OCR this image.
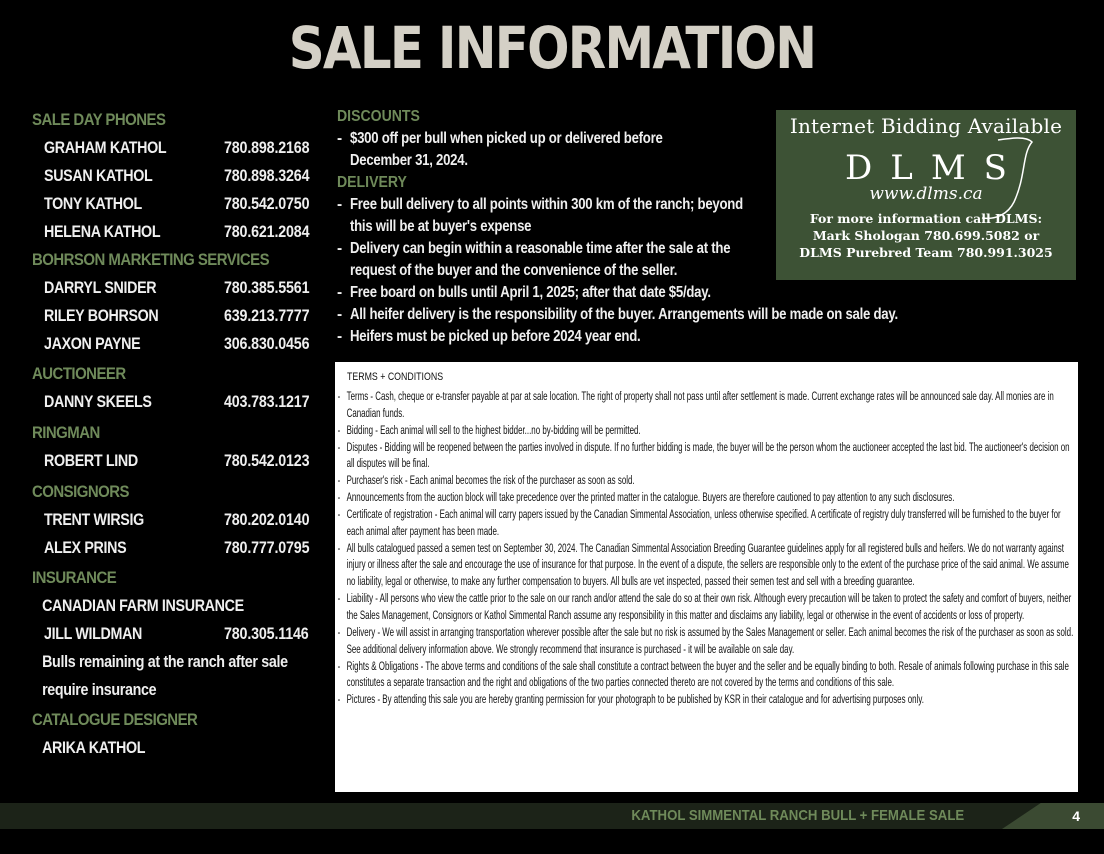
SALE INFORMATION
SALE DAY PHONES
GRAHAM KATHOL	780.898.2168
SUSAN KATHOL	780.898.3264
TONY KATHOL	780.542.0750
HELENA KATHOL	780.621.2084
BOHRSON MARKETING SERVICES
DARRYL SNIDER	780.385.5561
RILEY BOHRSON	639.213.7777
JAXON PAYNE	306.830.0456
AUCTIONEER
DANNY SKEELS	403.783.1217
RINGMAN
ROBERT LIND	780.542.0123
CONSIGNORS
TRENT WIRSIG	780.202.0140
ALEX PRINS	780.777.0795
INSURANCE
CANADIAN FARM INSURANCE
JILL WILDMAN	780.305.1146
Bulls remaining at the ranch after sale
require insurance
CATALOGUE DESIGNER
ARIKA KATHOL
DISCOUNTS
- $300 off per bull when picked up or delivered before
December 31, 2024.
DELIVERY
- Free bull delivery to all points within 300 km of the ranch; beyond
this will be at buyer's expense
- Delivery can begin within a reasonable time after the sale at the
request of the buyer and the convenience of the seller.
- Free board on bulls until April 1, 2025; after that date $5/day.
- All heifer delivery is the responsibility of the buyer. Arrangements will be made on sale day.
- Heifers must be picked up before 2024 year end.
Internet Bidding Available
DLMS
www.dlms.ca
For more information call DLMS:
Mark Shologan 780.699.5082 or
DLMS Purebred Team 780.991.3025
TERMS + CONDITIONS
- Terms - Cash, cheque or e-transfer payable at par at sale location. The right of property shall not pass until after settlement is made. Current exchange rates will be announced sale day. All monies are in Canadian funds.
- Bidding - Each animal will sell to the highest bidder...no by-bidding will be permitted.
- Disputes - Bidding will be reopened between the parties involved in dispute. If no further bidding is made, the buyer will be the person whom the auctioneer accepted the last bid. The auctioneer's decision on all disputes will be final.
- Purchaser's risk - Each animal becomes the risk of the purchaser as soon as sold.
- Announcements from the auction block will take precedence over the printed matter in the catalogue. Buyers are therefore cautioned to pay attention to any such disclosures.
- Certificate of registration - Each animal will carry papers issued by the Canadian Simmental Association, unless otherwise specified. A certificate of registry duly transferred will be furnished to the buyer for each animal after payment has been made.
- All bulls catalogued passed a semen test on September 30, 2024. The Canadian Simmental Association Breeding Guarantee guidelines apply for all registered bulls and heifers. We do not warranty against injury or illness after the sale and encourage the use of insurance for that purpose. In the event of a dispute, the sellers are responsible only to the extent of the purchase price of the said animal. We assume no liability, legal or otherwise, to make any further compensation to buyers. All bulls are vet inspected, passed their semen test and sell with a breeding guarantee.
- Liability - All persons who view the cattle prior to the sale on our ranch and/or attend the sale do so at their own risk. Although every precaution will be taken to protect the safety and comfort of buyers, neither the Sales Management, Consignors or Kathol Simmental Ranch assume any responsibility in this matter and disclaims any liability, legal or otherwise in the event of accidents or loss of property.
- Delivery - We will assist in arranging transportation wherever possible after the sale but no risk is assumed by the Sales Management or seller. Each animal becomes the risk of the purchaser as soon as sold. See additional delivery information above. We strongly recommend that insurance is purchased - it will be available on sale day.
- Rights & Obligations - The above terms and conditions of the sale shall constitute a contract between the buyer and the seller and be equally binding to both. Resale of animals following purchase in this sale constitutes a separate transaction and the right and obligations of the two parties connected thereto are not covered by the terms and conditions of this sale.
- Pictures - By attending this sale you are hereby granting permission for your photograph to be published by KSR in their catalogue and for advertising purposes only.
KATHOL SIMMENTAL RANCH BULL + FEMALE SALE	4
